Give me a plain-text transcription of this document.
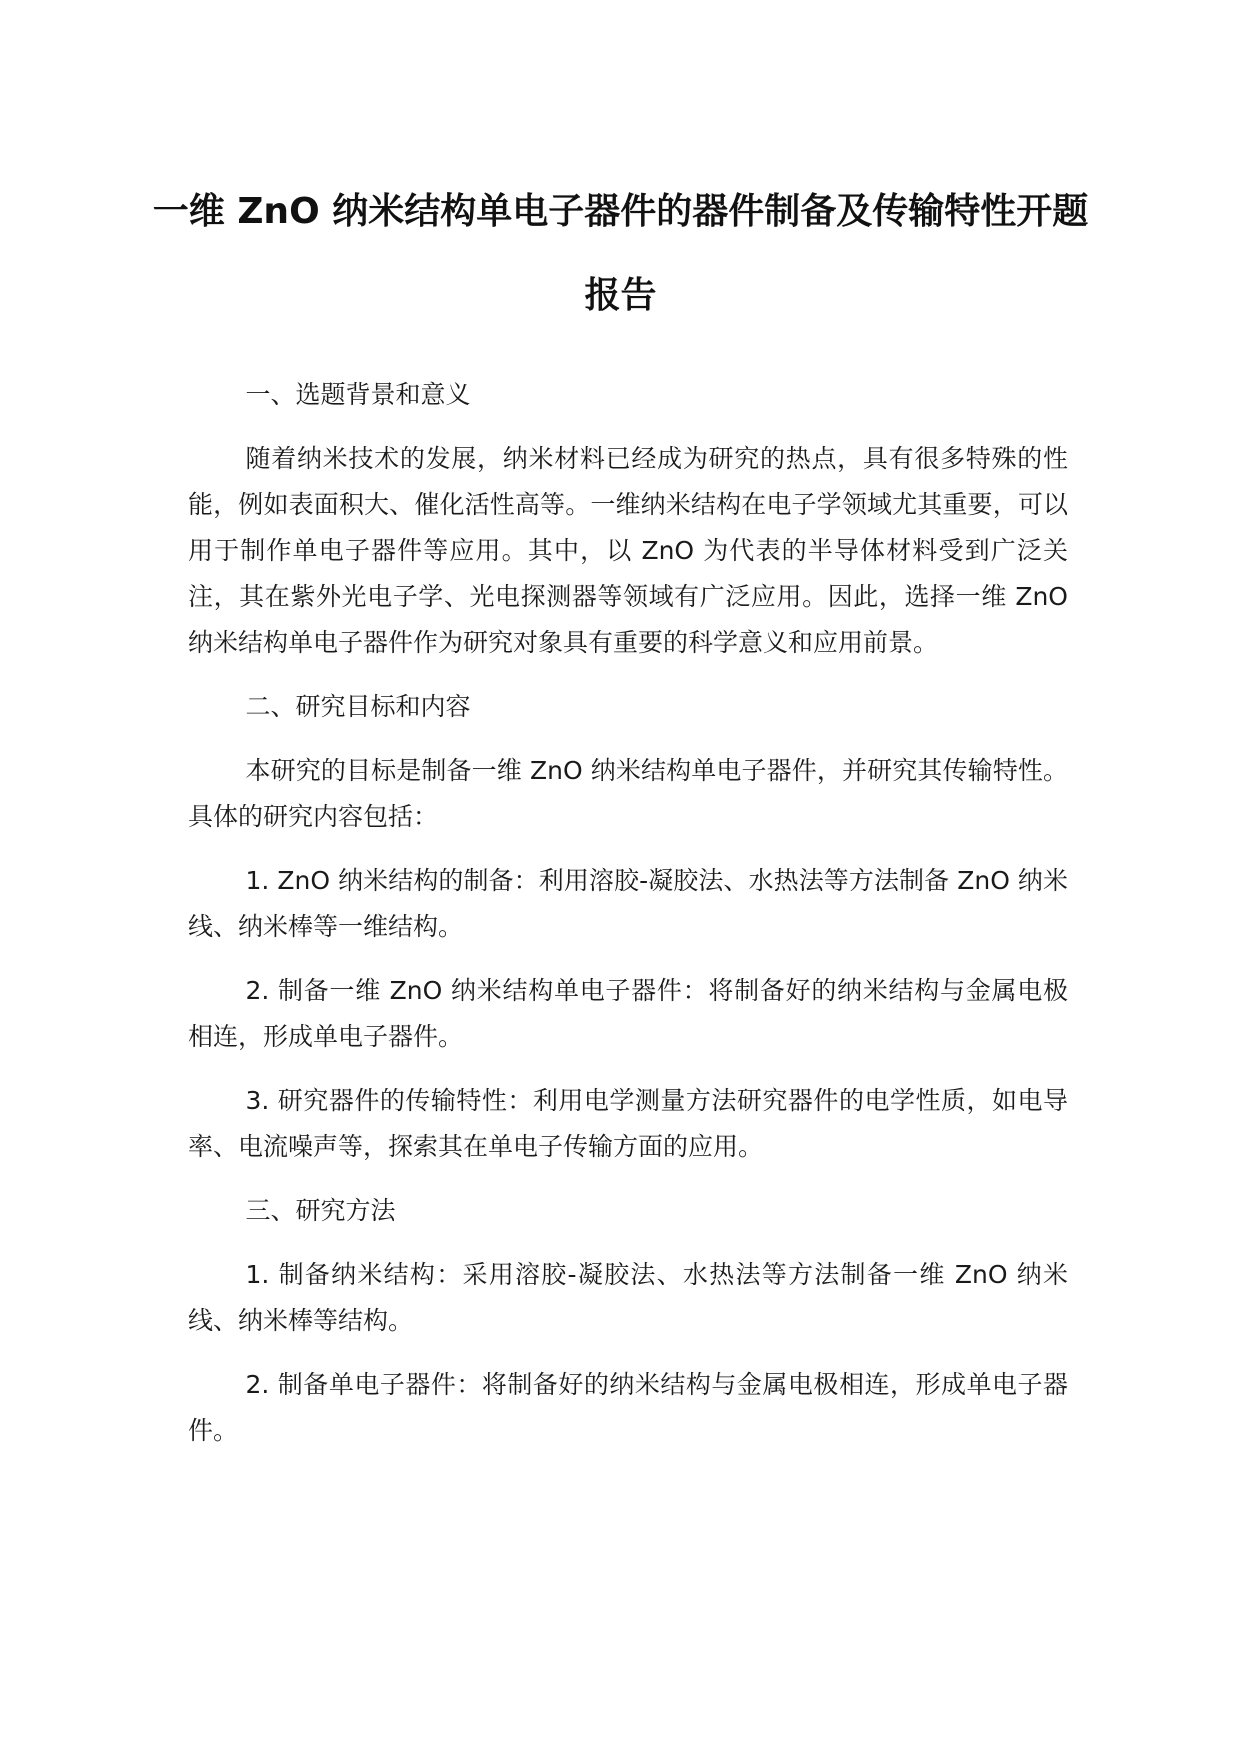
一维 ZnO 纳米结构单电子器件的器件制备及传输特性开题报告

一、选题背景和意义

随着纳米技术的发展，纳米材料已经成为研究的热点，具有很多特殊的性能，例如表面积大、催化活性高等。一维纳米结构在电子学领域尤其重要，可以用于制作单电子器件等应用。其中，以 ZnO 为代表的半导体材料受到广泛关注，其在紫外光电子学、光电探测器等领域有广泛应用。因此，选择一维 ZnO 纳米结构单电子器件作为研究对象具有重要的科学意义和应用前景。

二、研究目标和内容

本研究的目标是制备一维 ZnO 纳米结构单电子器件，并研究其传输特性。具体的研究内容包括：

1. ZnO 纳米结构的制备：利用溶胶-凝胶法、水热法等方法制备 ZnO 纳米线、纳米棒等一维结构。

2. 制备一维 ZnO 纳米结构单电子器件：将制备好的纳米结构与金属电极相连，形成单电子器件。

3. 研究器件的传输特性：利用电学测量方法研究器件的电学性质，如电导率、电流噪声等，探索其在单电子传输方面的应用。

三、研究方法

1. 制备纳米结构：采用溶胶-凝胶法、水热法等方法制备一维 ZnO 纳米线、纳米棒等结构。

2. 制备单电子器件：将制备好的纳米结构与金属电极相连，形成单电子器件。
